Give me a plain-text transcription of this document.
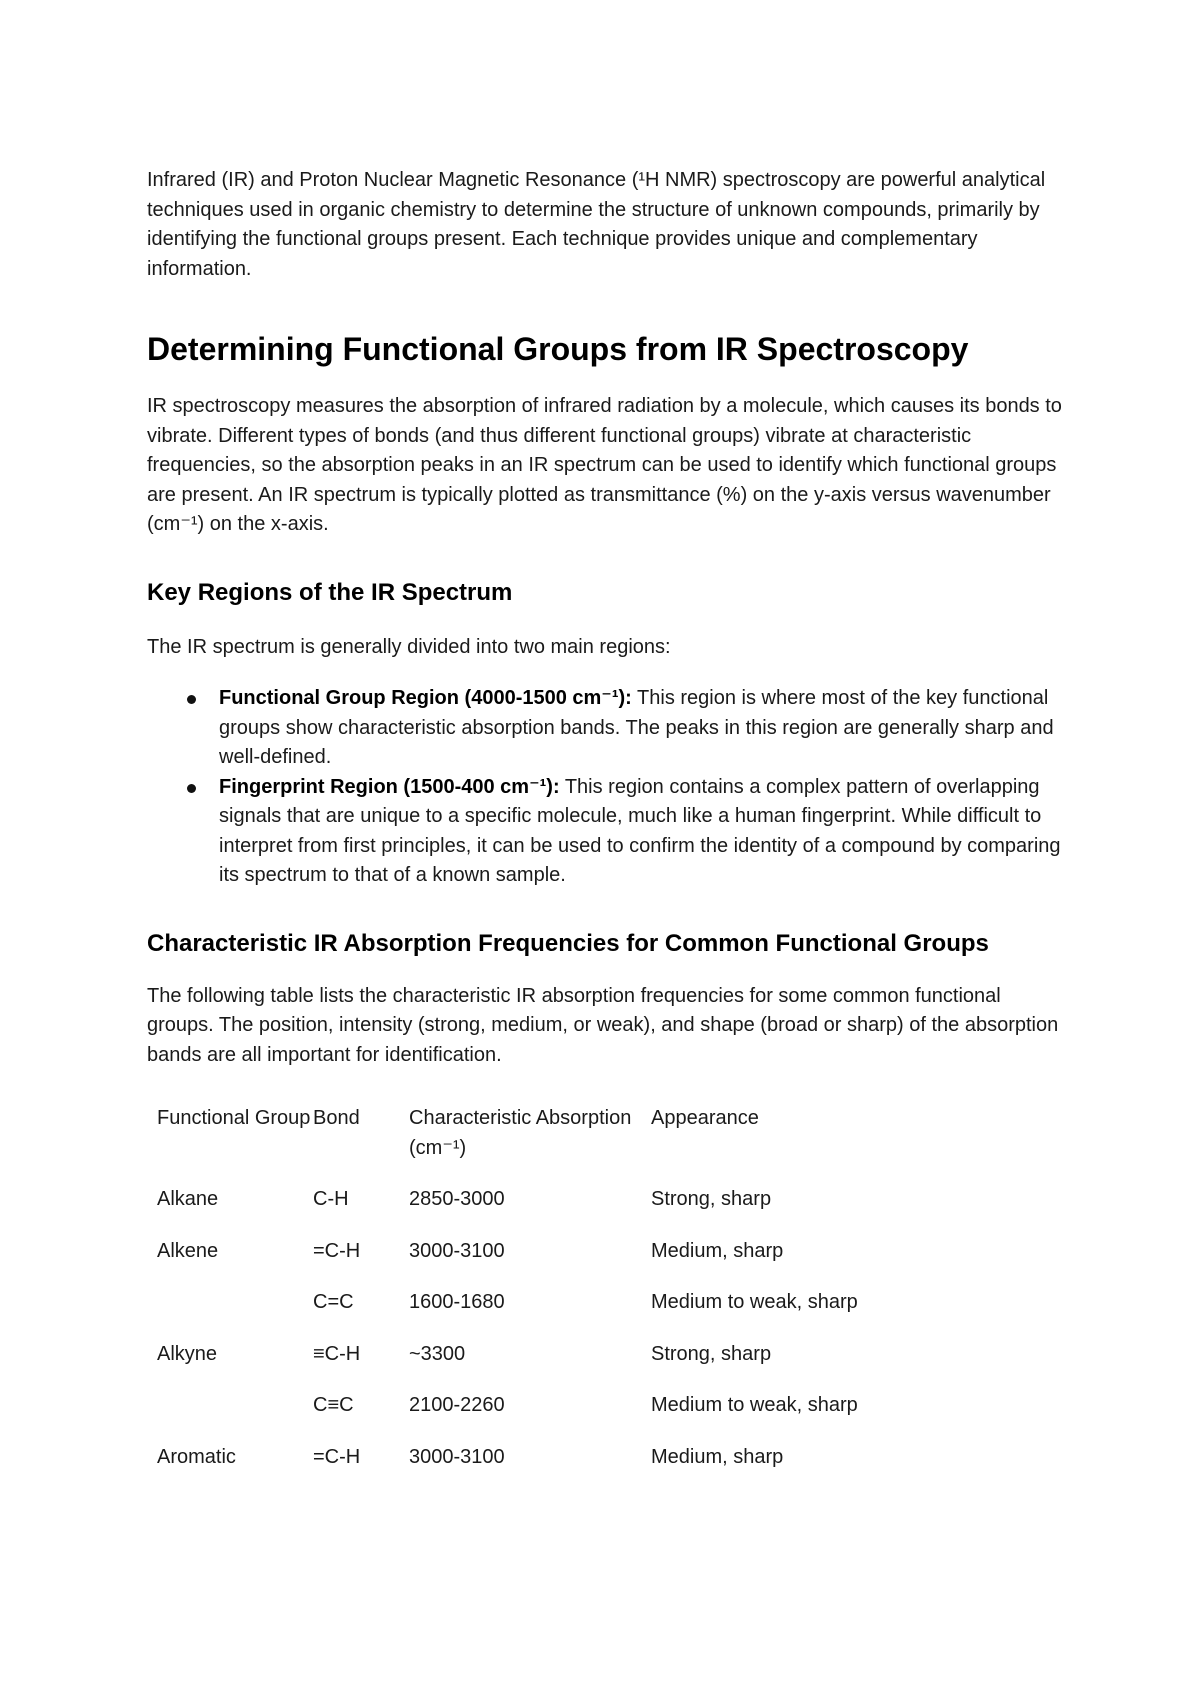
Infrared (IR) and Proton Nuclear Magnetic Resonance (¹H NMR) spectroscopy are powerful analytical techniques used in organic chemistry to determine the structure of unknown compounds, primarily by identifying the functional groups present. Each technique provides unique and complementary information.

Determining Functional Groups from IR Spectroscopy

IR spectroscopy measures the absorption of infrared radiation by a molecule, which causes its bonds to vibrate. Different types of bonds (and thus different functional groups) vibrate at characteristic frequencies, so the absorption peaks in an IR spectrum can be used to identify which functional groups are present. An IR spectrum is typically plotted as transmittance (%) on the y-axis versus wavenumber (cm⁻¹) on the x-axis.

Key Regions of the IR Spectrum

The IR spectrum is generally divided into two main regions:

Functional Group Region (4000-1500 cm⁻¹): This region is where most of the key functional groups show characteristic absorption bands. The peaks in this region are generally sharp and well-defined.
Fingerprint Region (1500-400 cm⁻¹): This region contains a complex pattern of overlapping signals that are unique to a specific molecule, much like a human fingerprint. While difficult to interpret from first principles, it can be used to confirm the identity of a compound by comparing its spectrum to that of a known sample.
Characteristic IR Absorption Frequencies for Common Functional Groups

The following table lists the characteristic IR absorption frequencies for some common functional groups. The position, intensity (strong, medium, or weak), and shape (broad or sharp) of the absorption bands are all important for identification.

Functional Group	Bond	Characteristic Absorption (cm⁻¹)	Appearance
Alkane	C-H	2850-3000	Strong, sharp
Alkene	=C-H	3000-3100	Medium, sharp
	C=C	1600-1680	Medium to weak, sharp
Alkyne	≡C-H	~3300	Strong, sharp
	C≡C	2100-2260	Medium to weak, sharp
Aromatic	=C-H	3000-3100	Medium, sharp
